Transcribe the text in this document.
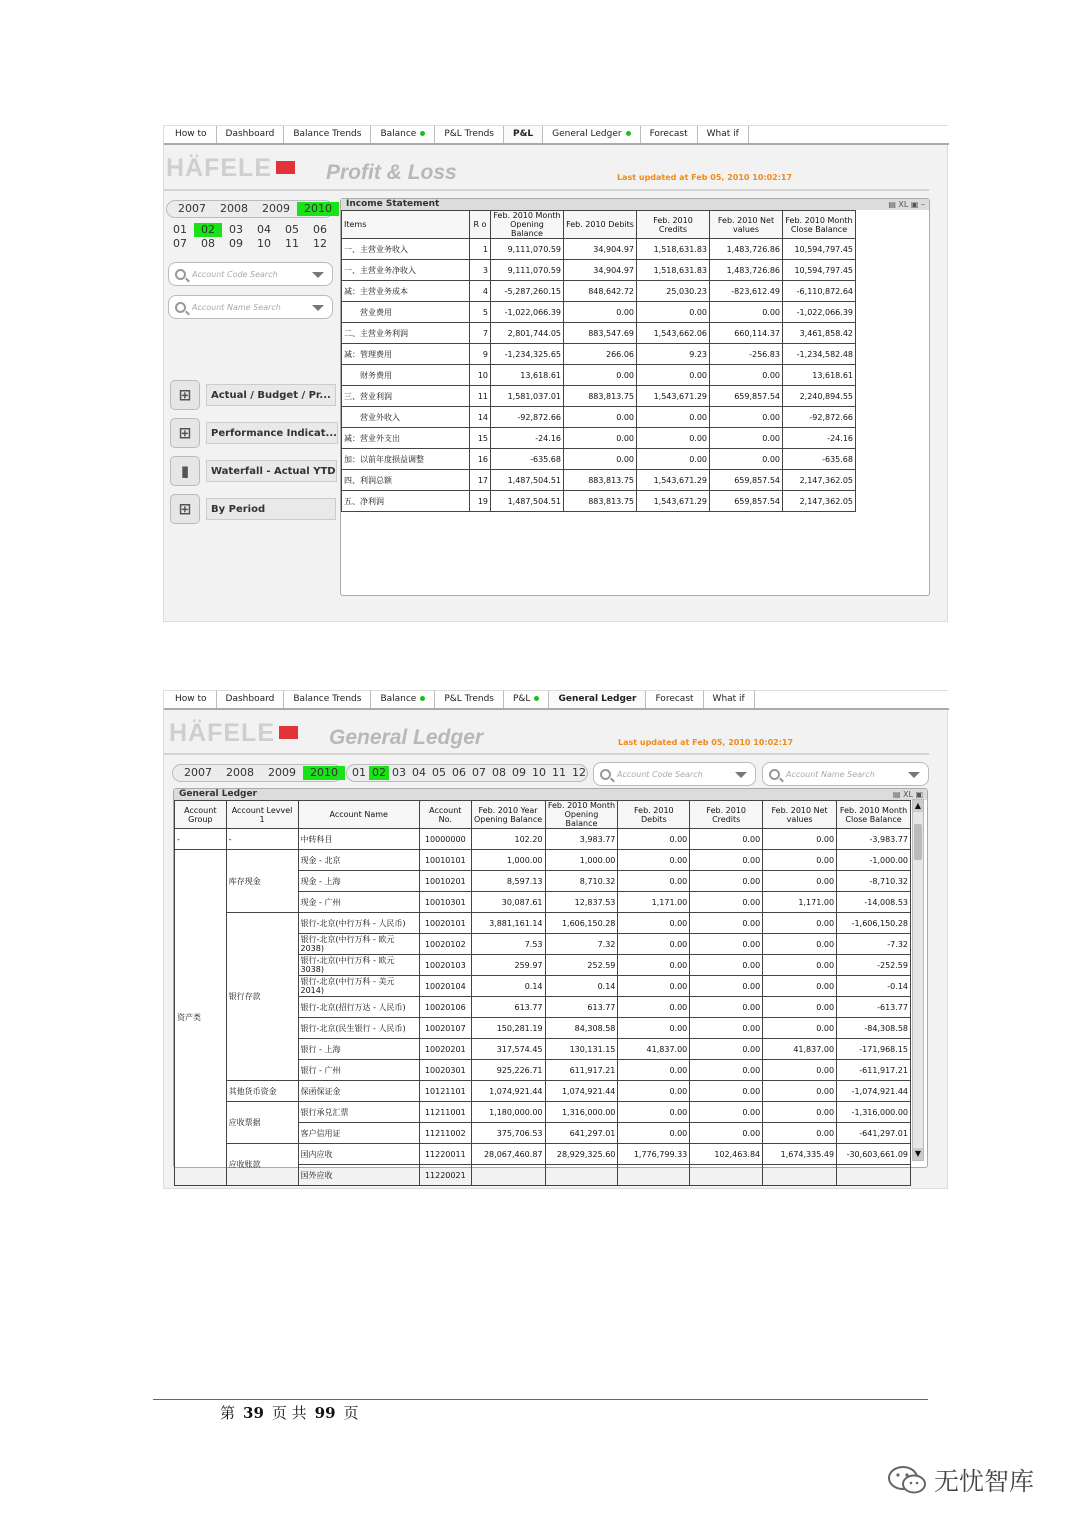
How to	Dashboard	Balance Trends	Balance	P&L Trends	P&L	General Ledger	Forecast	What if
HÄFELE	Profit & Loss	Last updated at Feb 05, 2010 10:02:17
2007	2008	2009	2010
01	02	03	04	05	06
07	08	09	10	11	12
Account Code Search
Account Name Search
⊞	Actual / Budget / Pr...
⊞	Performance Indicat...
▮	Waterfall - Actual YTD
⊞	By Period
Income Statement	▤ XL ▣ –
Items	R o	Feb. 2010 Month Opening Balance	Feb. 2010 Debits	Feb. 2010 Credits	Feb. 2010 Net values	Feb. 2010 Month Close Balance
一、主营业务收入	1	9,111,070.59	34,904.97	1,518,631.83	1,483,726.86	10,594,797.45
一、主营业务净收入	3	9,111,070.59	34,904.97	1,518,631.83	1,483,726.86	10,594,797.45
减：主营业务成本	4	-5,287,260.15	848,642.72	25,030.23	-823,612.49	-6,110,872.64
　　营业费用	5	-1,022,066.39	0.00	0.00	0.00	-1,022,066.39
二、主营业务利润	7	2,801,744.05	883,547.69	1,543,662.06	660,114.37	3,461,858.42
减：管理费用	9	-1,234,325.65	266.06	9.23	-256.83	-1,234,582.48
　　财务费用	10	13,618.61	0.00	0.00	0.00	13,618.61
三、营业利润	11	1,581,037.01	883,813.75	1,543,671.29	659,857.54	2,240,894.55
　　营业外收入	14	-92,872.66	0.00	0.00	0.00	-92,872.66
减：营业外支出	15	-24.16	0.00	0.00	0.00	-24.16
加：以前年度损益调整	16	-635.68	0.00	0.00	0.00	-635.68
四、利润总额	17	1,487,504.51	883,813.75	1,543,671.29	659,857.54	2,147,362.05
五、净利润	19	1,487,504.51	883,813.75	1,543,671.29	659,857.54	2,147,362.05
How to	Dashboard	Balance Trends	Balance	P&L Trends	P&L	General Ledger	Forecast	What if
HÄFELE	General Ledger	Last updated at Feb 05, 2010 10:02:17
2007	2008	2009	2010	01 02 03 04 05 06 07 08 09 10 11 12	Account Code Search	Account Name Search
General Ledger	▤ XL ▣
Account Group	Account Levvel 1	Account Name	Account No.	Feb. 2010 Year Opening Balance	Feb. 2010 Month Opening Balance	Feb. 2010 Debits	Feb. 2010 Credits	Feb. 2010 Net values	Feb. 2010 Month Close Balance
-	-	中转科目	10000000	102.20	3,983.77	0.00	0.00	0.00	-3,983.77
资产类	库存现金	现金 - 北京	10010101	1,000.00	1,000.00	0.00	0.00	0.00	-1,000.00
		现金 - 上海	10010201	8,597.13	8,710.32	0.00	0.00	0.00	-8,710.32
		现金 - 广州	10010301	30,087.61	12,837.53	1,171.00	0.00	1,171.00	-14,008.53
	银行存款	银行-北京(中行万科 - 人民币)	10020101	3,881,161.14	1,606,150.28	0.00	0.00	0.00	-1,606,150.28
		银行-北京(中行万科 - 欧元2038)	10020102	7.53	7.32	0.00	0.00	0.00	-7.32
		银行-北京(中行万科 - 欧元3038)	10020103	259.97	252.59	0.00	0.00	0.00	-252.59
		银行-北京(中行万科 - 美元2014)	10020104	0.14	0.14	0.00	0.00	0.00	-0.14
		银行-北京(招行万达 - 人民币)	10020106	613.77	613.77	0.00	0.00	0.00	-613.77
		银行-北京(民生银行 - 人民币)	10020107	150,281.19	84,308.58	0.00	0.00	0.00	-84,308.58
		银行 - 上海	10020201	317,574.45	130,131.15	41,837.00	0.00	41,837.00	-171,968.15
		银行 - 广州	10020301	925,226.71	611,917.21	0.00	0.00	0.00	-611,917.21
	其他货币资金	保函保证金	10121101	1,074,921.44	1,074,921.44	0.00	0.00	0.00	-1,074,921.44
	应收票据	银行承兑汇票	11211001	1,180,000.00	1,316,000.00	0.00	0.00	0.00	-1,316,000.00
		客户信用证	11211002	375,706.53	641,297.01	0.00	0.00	0.00	-641,297.01
	应收账款	国内应收	11220011	28,067,460.87	28,929,325.60	1,776,799.33	102,463.84	1,674,335.49	-30,603,661.09
		国外应收	11220021						
▲
▼
第 39 页 共 99 页
无忧智库
